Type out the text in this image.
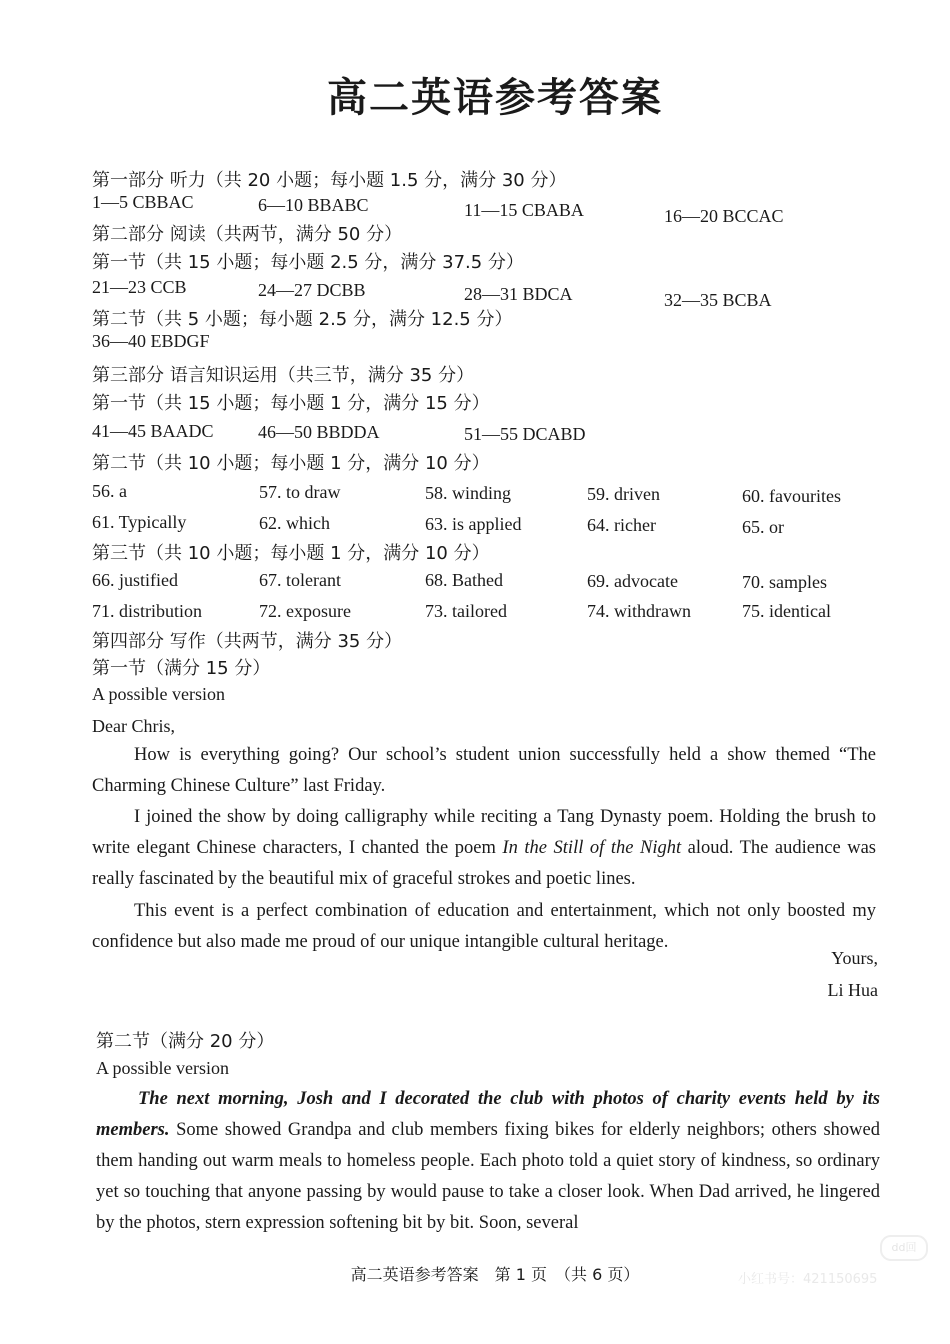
高二英语参考答案
第一部分 听力（共 20 小题；每小题 1.5 分，满分 30 分）
1—5 CBBAC	6—10 BBABC	11—15 CBABA	16—20 BCCAC
第二部分 阅读（共两节，满分 50 分）
第一节（共 15 小题；每小题 2.5 分，满分 37.5 分）
21—23 CCB	24—27 DCBB	28—31 BDCA	32—35 BCBA
第二节（共 5 小题；每小题 2.5 分，满分 12.5 分）
36—40 EBDGF
第三部分 语言知识运用（共三节，满分 35 分）
第一节（共 15 小题；每小题 1 分，满分 15 分）
41—45 BAADC 46—50 BBDDA	51—55 DCABD
第二节（共 10 小题；每小题 1 分，满分 10 分）
56. a	57. to draw	58. winding	59. driven	60. favourites
61. Typically	62. which	63. is applied	64. richer	65. or
第三节（共 10 小题；每小题 1 分，满分 10 分）
66. justified	67. tolerant	68. Bathed	69. advocate	70. samples
71. distribution	72. exposure	73. tailored	74. withdrawn	75. identical
第四部分 写作（共两节，满分 35 分）
第一节（满分 15 分）
A possible version
Dear Chris,
How is everything going? Our school’s student union successfully held a show themed “The Charming Chinese Culture” last Friday.
I joined the show by doing calligraphy while reciting a Tang Dynasty poem. Holding the brush to write elegant Chinese characters, I chanted the poem In the Still of the Night aloud. The audience was really fascinated by the beautiful mix of graceful strokes and poetic lines.
This event is a perfect combination of education and entertainment, which not only boosted my confidence but also made me proud of our unique intangible cultural heritage.
Yours,
Li Hua
第二节（满分 20 分）
A possible version
The next morning, Josh and I decorated the club with photos of charity events held by its members. Some showed Grandpa and club members fixing bikes for elderly neighbors; others showed them handing out warm meals to homeless people. Each photo told a quiet story of kindness, so ordinary yet so touching that anyone passing by would pause to take a closer look. When Dad arrived, he lingered by the photos, stern expression softening bit by bit. Soon, several
高二英语参考答案　第 1 页　（共 6 页）
dd回
小红书号：421150695
